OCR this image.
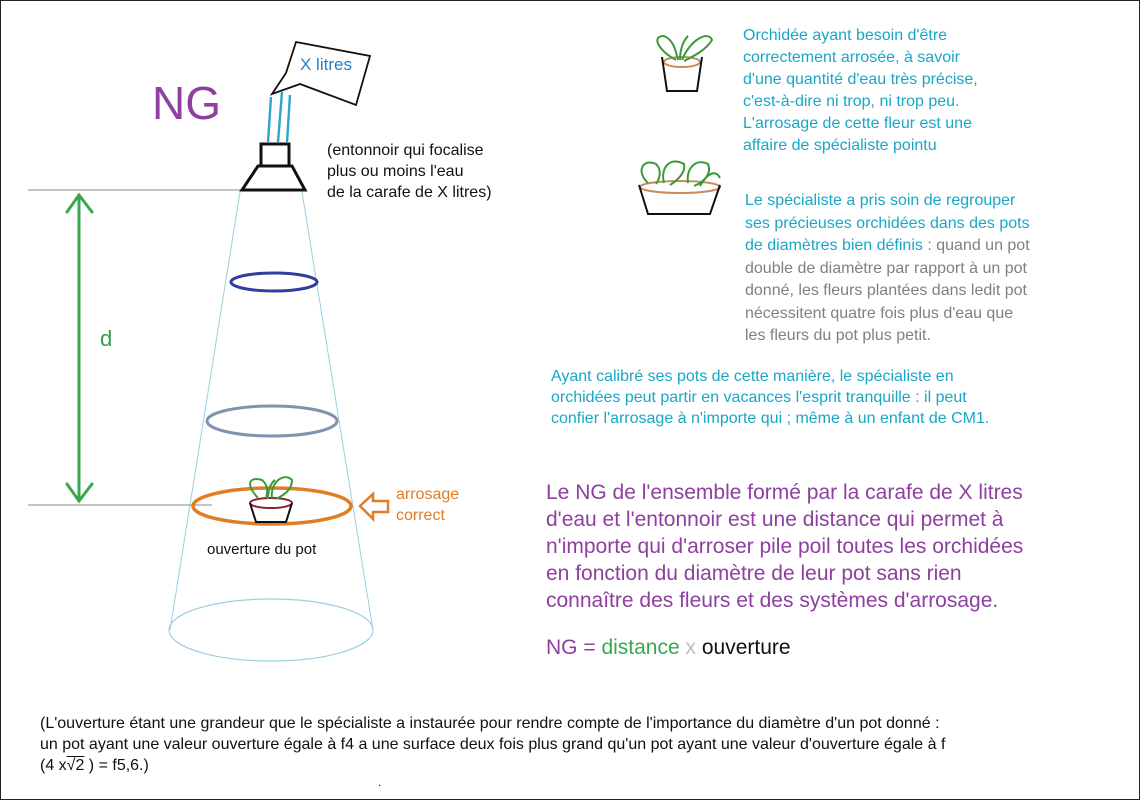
NG
X litres
(entonnoir qui focalise
plus ou moins l'eau
de la carafe de X litres)
d
arrosage
correct
ouverture du pot
Orchidée ayant besoin d'être
correctement arrosée, à savoir
d'une quantité d'eau très précise,
c'est-à-dire ni trop, ni trop peu.
L'arrosage de cette fleur est une
affaire de spécialiste pointu
Le spécialiste a pris soin de regrouper
ses précieuses orchidées dans des pots
de diamètres bien définis : quand un pot
double de diamètre par rapport à un pot
donné, les fleurs plantées dans ledit pot
nécessitent quatre fois plus d'eau que
les fleurs du pot plus petit.
Ayant calibré ses pots de cette manière, le spécialiste en
orchidées peut partir en vacances l'esprit tranquille : il peut
confier l'arrosage à n'importe qui ; même à un enfant de CM1.
Le NG de l'ensemble formé par la carafe de X litres
d'eau et l'entonnoir est une distance qui permet à
n'importe qui d'arroser pile poil toutes les orchidées
en fonction du diamètre de leur pot sans rien
connaître des fleurs et des systèmes d'arrosage.
NG = distance x ouverture
(L'ouverture étant une grandeur que le spécialiste a instaurée pour rendre compte de l'importance du diamètre d'un pot donné :
un pot ayant une valeur ouverture égale à f4 a une surface deux fois plus grand qu'un pot ayant une valeur d'ouverture égale à f
(4 x√2 ) = f5,6.)
.
